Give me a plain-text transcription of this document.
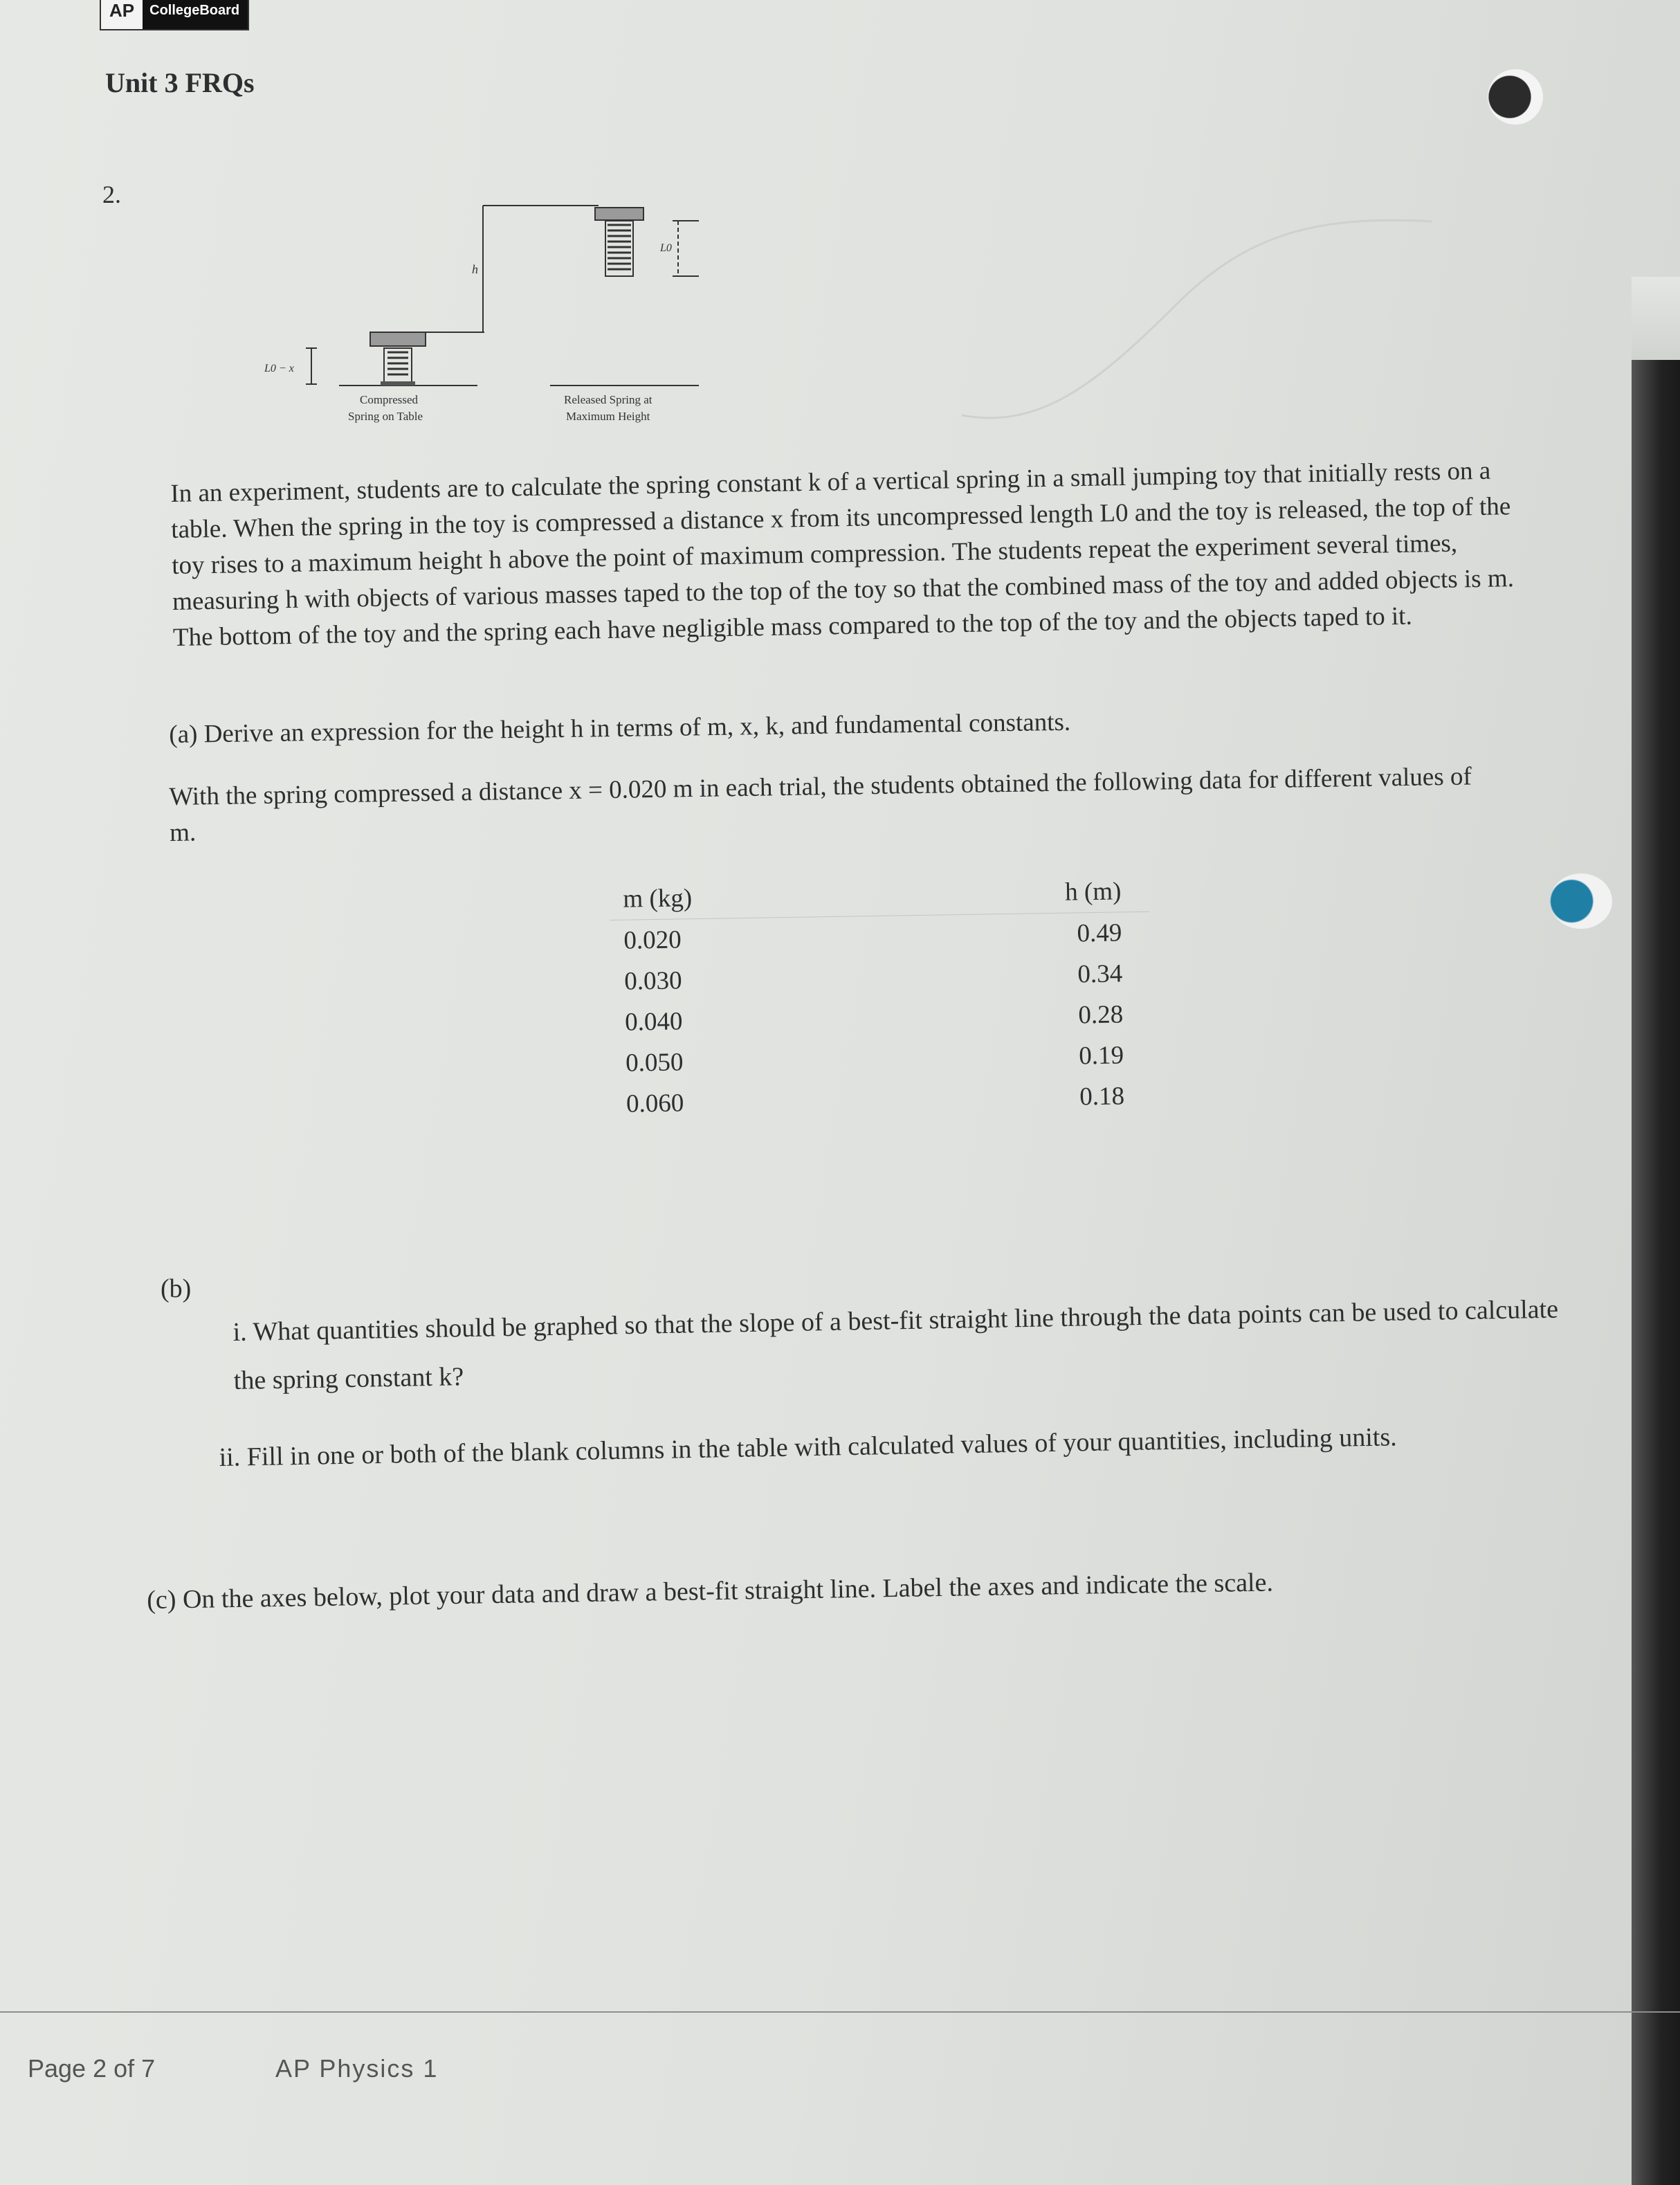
AP	CollegeBoard
Unit 3 FRQs
2.
L0 − x
h
L0
Compressed
Spring on Table
Released Spring at
Maximum Height
In an experiment, students are to calculate the spring constant k of a vertical spring in a small jumping toy that initially rests on a table. When the spring in the toy is compressed a distance x from its uncompressed length L0 and the toy is released, the top of the toy rises to a maximum height h above the point of maximum compression. The students repeat the experiment several times, measuring h with objects of various masses taped to the top of the toy so that the combined mass of the toy and added objects is m. The bottom of the toy and the spring each have negligible mass compared to the top of the toy and the objects taped to it.
(a) Derive an expression for the height h in terms of m, x, k, and fundamental constants.
With the spring compressed a distance x = 0.020 m in each trial, the students obtained the following data for different values of m.
m (kg)	h (m)
0.020	0.49
0.030	0.34
0.040	0.28
0.050	0.19
0.060	0.18
(b)
i. What quantities should be graphed so that the slope of a best-fit straight line through the data points can be used to calculate the spring constant k?
ii. Fill in one or both of the blank columns in the table with calculated values of your quantities, including units.
(c) On the axes below, plot your data and draw a best-fit straight line. Label the axes and indicate the scale.
Page 2 of 7	AP Physics 1
